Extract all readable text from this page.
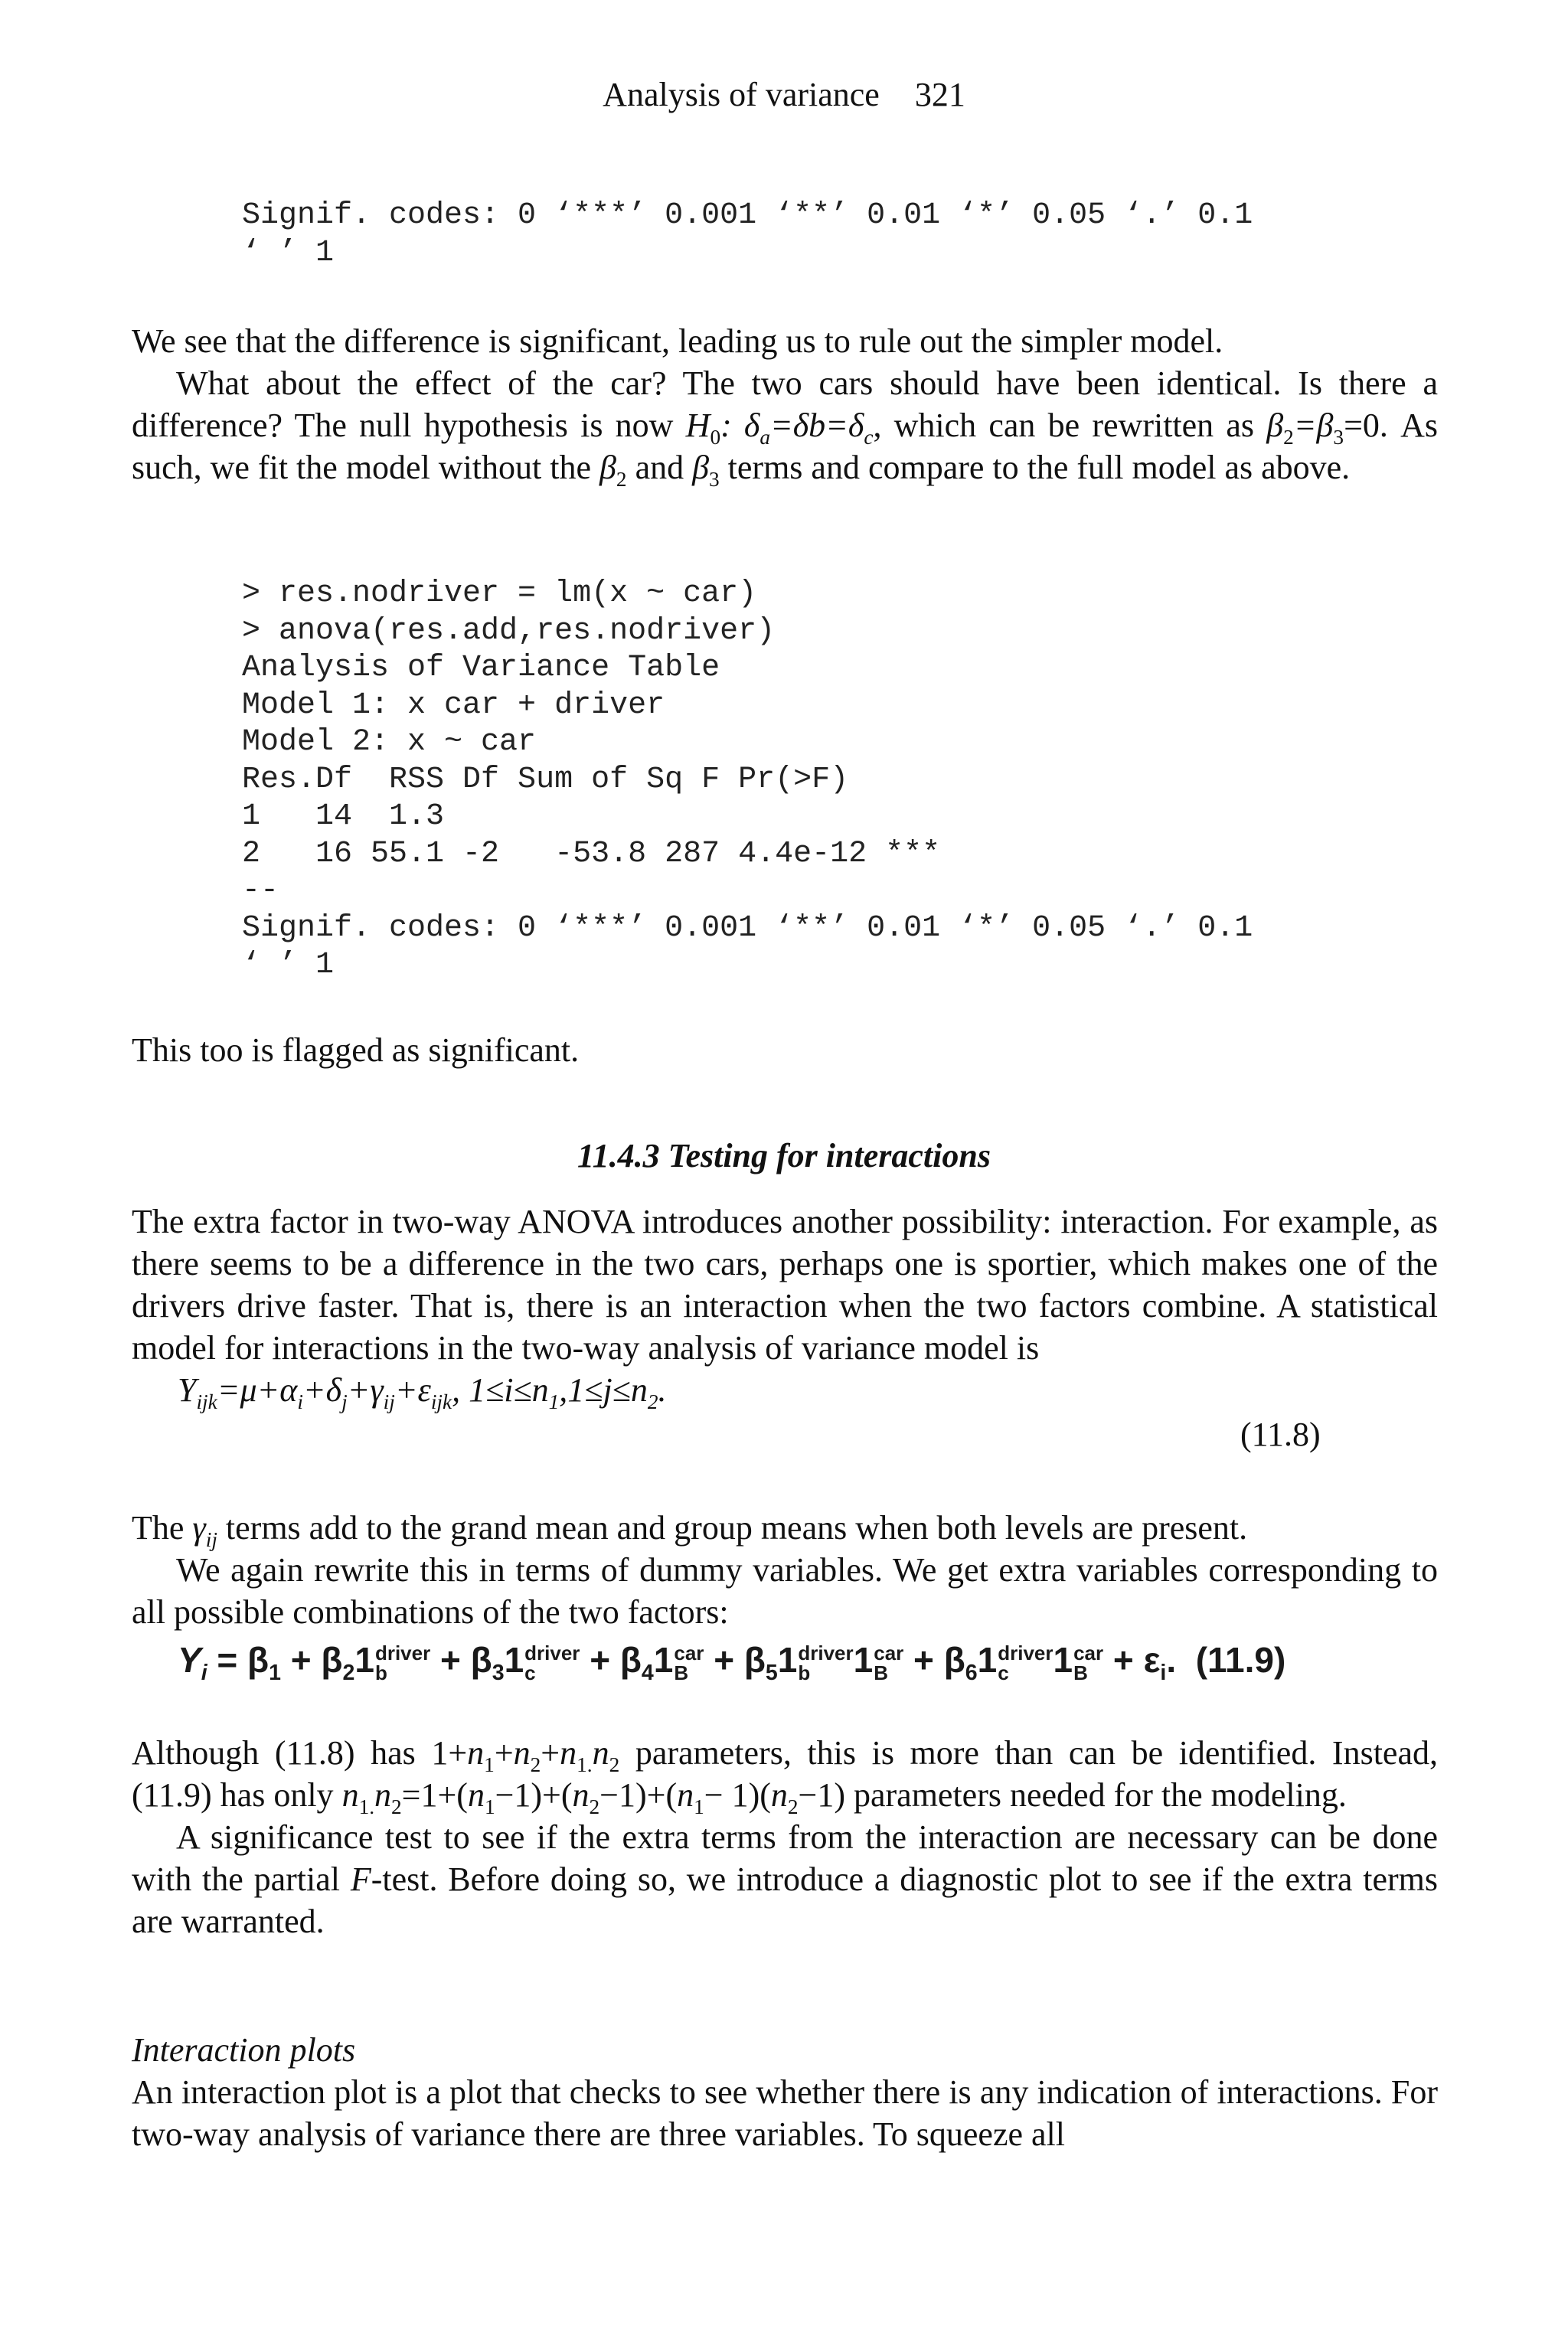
Analysis of variance 321
Signif. codes: 0 ‘***’ 0.001 ‘**’ 0.01 ‘*’ 0.05 ‘.’ 0.1
‘ ’ 1

We see that the difference is significant, leading us to rule out the simpler model.

What about the effect of the car? The two cars should have been identical. Is there a difference? The null hypothesis is now $H_0$: $\delta_a=\delta b=\delta_c$, which can be rewritten as $\beta_2=\beta_3=0$. As such, we fit the model without the $\beta_2$ and $\beta_3$ terms and compare to the full model as above.

> res.nodriver = lm(x ~ car)
> anova(res.add,res.nodriver)
Analysis of Variance Table
Model 1: x car + driver
Model 2: x ~ car
Res.Df  RSS Df Sum of Sq F Pr(>F)
1   14  1.3
2   16 55.1 -2   -53.8 287 4.4e-12 ***
--
Signif. codes: 0 ‘***’ 0.001 ‘**’ 0.01 ‘*’ 0.05 ‘.’ 0.1
‘ ’ 1

This too is flagged as significant.

11.4.3 Testing for interactions

The extra factor in two-way ANOVA introduces another possibility: interaction. For example, as there seems to be a difference in the two cars, perhaps one is sportier, which makes one of the drivers drive faster. That is, there is an interaction when the two factors combine. A statistical model for interactions in the two-way analysis of variance model is

$Y_{ijk}=\mu+\alpha_i+\delta_j+\gamma_{ij}+\varepsilon_{ijk}$, $1\le i\le n_1,1\le j\le n_2$.
(11.8)

The $\gamma_{ij}$ terms add to the grand mean and group means when both levels are present.

We again rewrite this in terms of dummy variables. We get extra variables corresponding to all possible combinations of the two factors:

$Y_i = \beta_1 + \beta_21$ driver
b	+ $\beta_31$ driver
c	+ $\beta_41$ car
$B + \beta_51$ driver
b	1 car
$B + \beta_61$ driver
c	1 car
$B + \varepsilon_i$. (11.9)

Although (11.8) has $1+n_1+n_2+n_{1.}n_2$ parameters, this is more than can be identified. Instead, (11.9) has only $n_{1.}n_2=1+(n_1-1)+(n_2-1)+(n_1- 1)(n_2-1)$ parameters needed for the modeling.

A significance test to see if the extra terms from the interaction are necessary can be done with the partial F-test. Before doing so, we introduce a diagnostic plot to see if the extra terms are warranted.

Interaction plots

An interaction plot is a plot that checks to see whether there is any indication of interactions. For two-way analysis of variance there are three variables. To squeeze all
